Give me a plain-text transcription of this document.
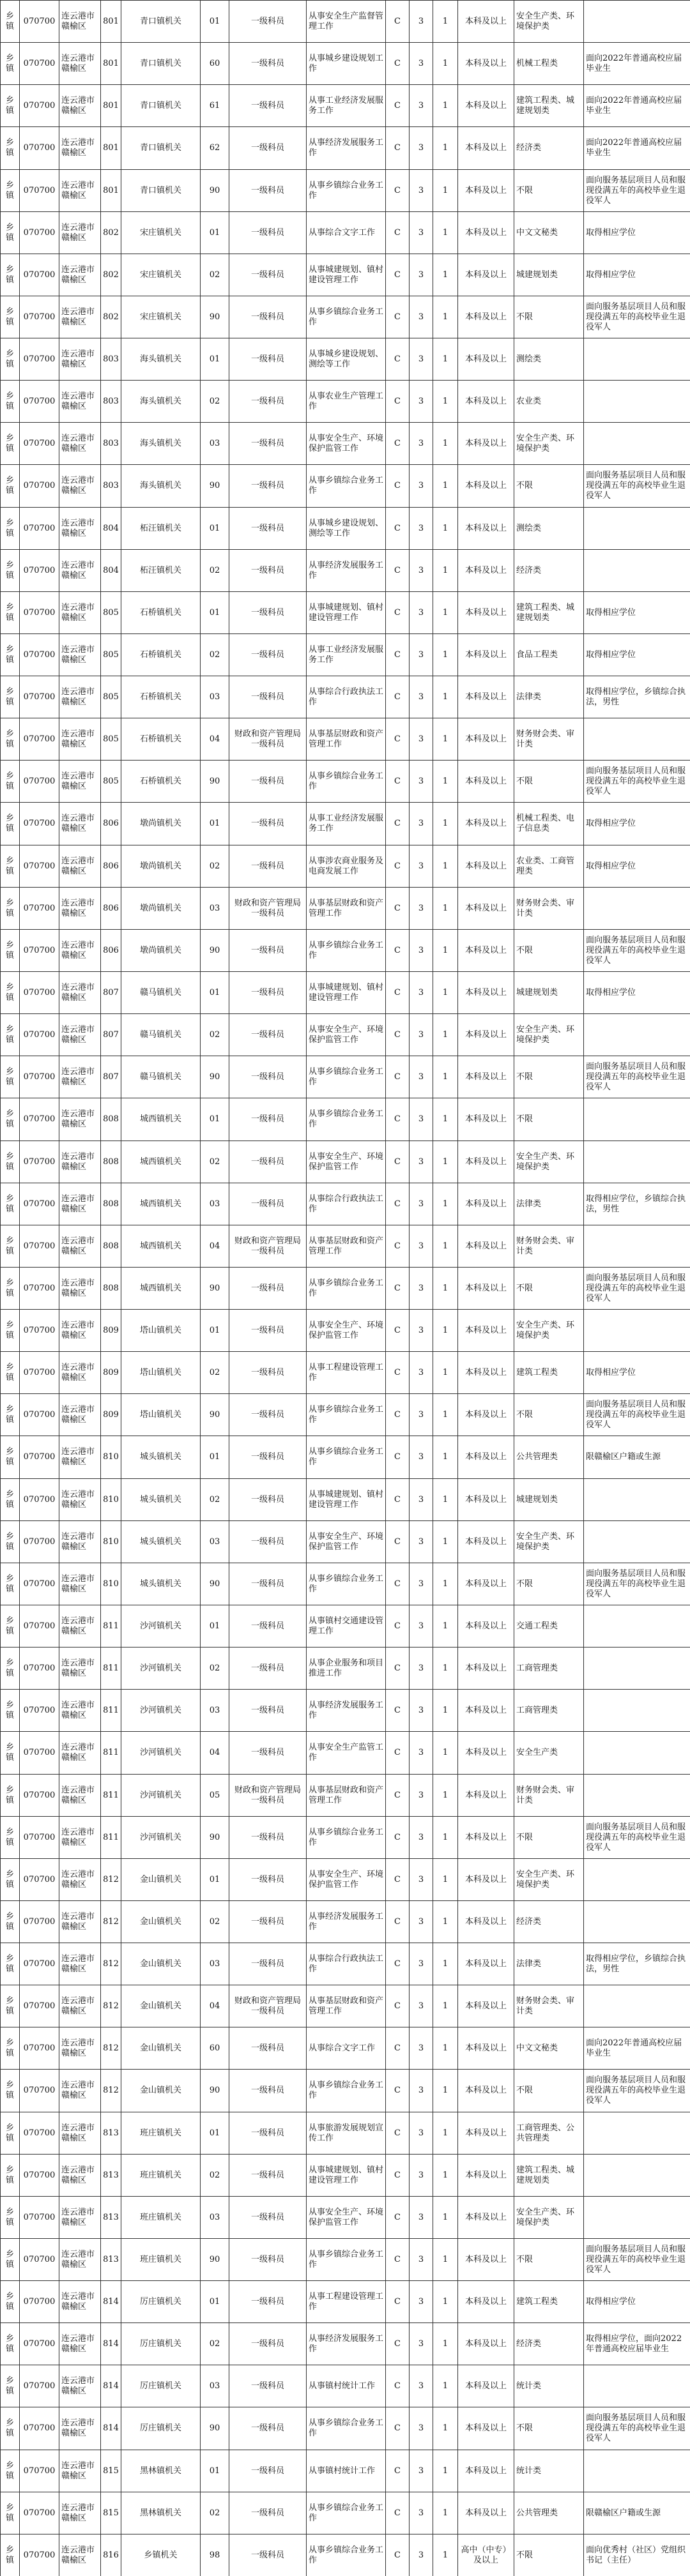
乡镇	070700	连云港市赣榆区	801	青口镇机关	01	一级科员	从事安全生产监督管理工作	C	3	1	本科及以上	安全生产类、环境保护类	
乡镇	070700	连云港市赣榆区	801	青口镇机关	60	一级科员	从事城乡建设规划工作	C	3	1	本科及以上	机械工程类	面向2022年普通高校应届毕业生
乡镇	070700	连云港市赣榆区	801	青口镇机关	61	一级科员	从事工业经济发展服务工作	C	3	1	本科及以上	建筑工程类、城建规划类	面向2022年普通高校应届毕业生
乡镇	070700	连云港市赣榆区	801	青口镇机关	62	一级科员	从事经济发展服务工作	C	3	1	本科及以上	经济类	面向2022年普通高校应届毕业生
乡镇	070700	连云港市赣榆区	801	青口镇机关	90	一级科员	从事乡镇综合业务工作	C	3	1	本科及以上	不限	面向服务基层项目人员和服现役满五年的高校毕业生退役军人
乡镇	070700	连云港市赣榆区	802	宋庄镇机关	01	一级科员	从事综合文字工作	C	3	1	本科及以上	中文文秘类	取得相应学位
乡镇	070700	连云港市赣榆区	802	宋庄镇机关	02	一级科员	从事城建规划、镇村建设管理工作	C	3	1	本科及以上	城建规划类	取得相应学位
乡镇	070700	连云港市赣榆区	802	宋庄镇机关	90	一级科员	从事乡镇综合业务工作	C	3	1	本科及以上	不限	面向服务基层项目人员和服现役满五年的高校毕业生退役军人
乡镇	070700	连云港市赣榆区	803	海头镇机关	01	一级科员	从事城乡建设规划、测绘等工作	C	3	1	本科及以上	测绘类	
乡镇	070700	连云港市赣榆区	803	海头镇机关	02	一级科员	从事农业生产管理工作	C	3	1	本科及以上	农业类	
乡镇	070700	连云港市赣榆区	803	海头镇机关	03	一级科员	从事安全生产、环境保护监管工作	C	3	1	本科及以上	安全生产类、环境保护类	
乡镇	070700	连云港市赣榆区	803	海头镇机关	90	一级科员	从事乡镇综合业务工作	C	3	1	本科及以上	不限	面向服务基层项目人员和服现役满五年的高校毕业生退役军人
乡镇	070700	连云港市赣榆区	804	柘汪镇机关	01	一级科员	从事城乡建设规划、测绘等工作	C	3	1	本科及以上	测绘类	
乡镇	070700	连云港市赣榆区	804	柘汪镇机关	02	一级科员	从事经济发展服务工作	C	3	1	本科及以上	经济类	
乡镇	070700	连云港市赣榆区	805	石桥镇机关	01	一级科员	从事城建规划、镇村建设管理工作	C	3	1	本科及以上	建筑工程类、城建规划类	取得相应学位
乡镇	070700	连云港市赣榆区	805	石桥镇机关	02	一级科员	从事工业经济发展服务工作	C	3	1	本科及以上	食品工程类	取得相应学位
乡镇	070700	连云港市赣榆区	805	石桥镇机关	03	一级科员	从事综合行政执法工作	C	3	1	本科及以上	法律类	取得相应学位，乡镇综合执法，男性
乡镇	070700	连云港市赣榆区	805	石桥镇机关	04	财政和资产管理局一级科员	从事基层财政和资产管理工作	C	3	1	本科及以上	财务财会类、审计类	
乡镇	070700	连云港市赣榆区	805	石桥镇机关	90	一级科员	从事乡镇综合业务工作	C	3	1	本科及以上	不限	面向服务基层项目人员和服现役满五年的高校毕业生退役军人
乡镇	070700	连云港市赣榆区	806	墩尚镇机关	01	一级科员	从事工业经济发展服务工作	C	3	1	本科及以上	机械工程类、电子信息类	取得相应学位
乡镇	070700	连云港市赣榆区	806	墩尚镇机关	02	一级科员	从事涉农商业服务及电商发展工作	C	3	1	本科及以上	农业类、工商管理类	取得相应学位
乡镇	070700	连云港市赣榆区	806	墩尚镇机关	03	财政和资产管理局一级科员	从事基层财政和资产管理工作	C	3	1	本科及以上	财务财会类、审计类	
乡镇	070700	连云港市赣榆区	806	墩尚镇机关	90	一级科员	从事乡镇综合业务工作	C	3	1	本科及以上	不限	面向服务基层项目人员和服现役满五年的高校毕业生退役军人
乡镇	070700	连云港市赣榆区	807	赣马镇机关	01	一级科员	从事城建规划、镇村建设管理工作	C	3	1	本科及以上	城建规划类	取得相应学位
乡镇	070700	连云港市赣榆区	807	赣马镇机关	02	一级科员	从事安全生产、环境保护监管工作	C	3	1	本科及以上	安全生产类、环境保护类	
乡镇	070700	连云港市赣榆区	807	赣马镇机关	90	一级科员	从事乡镇综合业务工作	C	3	1	本科及以上	不限	面向服务基层项目人员和服现役满五年的高校毕业生退役军人
乡镇	070700	连云港市赣榆区	808	城西镇机关	01	一级科员	从事乡镇综合业务工作	C	3	1	本科及以上	不限	
乡镇	070700	连云港市赣榆区	808	城西镇机关	02	一级科员	从事安全生产、环境保护监管工作	C	3	1	本科及以上	安全生产类、环境保护类	
乡镇	070700	连云港市赣榆区	808	城西镇机关	03	一级科员	从事综合行政执法工作	C	3	1	本科及以上	法律类	取得相应学位，乡镇综合执法，男性
乡镇	070700	连云港市赣榆区	808	城西镇机关	04	财政和资产管理局一级科员	从事基层财政和资产管理工作	C	3	1	本科及以上	财务财会类、审计类	
乡镇	070700	连云港市赣榆区	808	城西镇机关	90	一级科员	从事乡镇综合业务工作	C	3	1	本科及以上	不限	面向服务基层项目人员和服现役满五年的高校毕业生退役军人
乡镇	070700	连云港市赣榆区	809	塔山镇机关	01	一级科员	从事安全生产、环境保护监管工作	C	3	1	本科及以上	安全生产类、环境保护类	
乡镇	070700	连云港市赣榆区	809	塔山镇机关	02	一级科员	从事工程建设管理工作	C	3	1	本科及以上	建筑工程类	取得相应学位
乡镇	070700	连云港市赣榆区	809	塔山镇机关	90	一级科员	从事乡镇综合业务工作	C	3	1	本科及以上	不限	面向服务基层项目人员和服现役满五年的高校毕业生退役军人
乡镇	070700	连云港市赣榆区	810	城头镇机关	01	一级科员	从事乡镇综合业务工作	C	3	1	本科及以上	公共管理类	限赣榆区户籍或生源
乡镇	070700	连云港市赣榆区	810	城头镇机关	02	一级科员	从事城建规划、镇村建设管理工作	C	3	1	本科及以上	城建规划类	
乡镇	070700	连云港市赣榆区	810	城头镇机关	03	一级科员	从事安全生产、环境保护监管工作	C	3	1	本科及以上	安全生产类、环境保护类	
乡镇	070700	连云港市赣榆区	810	城头镇机关	90	一级科员	从事乡镇综合业务工作	C	3	1	本科及以上	不限	面向服务基层项目人员和服现役满五年的高校毕业生退役军人
乡镇	070700	连云港市赣榆区	811	沙河镇机关	01	一级科员	从事镇村交通建设管理工作	C	3	1	本科及以上	交通工程类	
乡镇	070700	连云港市赣榆区	811	沙河镇机关	02	一级科员	从事企业服务和项目推进工作	C	3	1	本科及以上	工商管理类	
乡镇	070700	连云港市赣榆区	811	沙河镇机关	03	一级科员	从事经济发展服务工作	C	3	1	本科及以上	工商管理类	
乡镇	070700	连云港市赣榆区	811	沙河镇机关	04	一级科员	从事安全生产监管工作	C	3	1	本科及以上	安全生产类	
乡镇	070700	连云港市赣榆区	811	沙河镇机关	05	财政和资产管理局一级科员	从事基层财政和资产管理工作	C	3	1	本科及以上	财务财会类、审计类	
乡镇	070700	连云港市赣榆区	811	沙河镇机关	90	一级科员	从事乡镇综合业务工作	C	3	1	本科及以上	不限	面向服务基层项目人员和服现役满五年的高校毕业生退役军人
乡镇	070700	连云港市赣榆区	812	金山镇机关	01	一级科员	从事安全生产、环境保护监管工作	C	3	1	本科及以上	安全生产类、环境保护类	
乡镇	070700	连云港市赣榆区	812	金山镇机关	02	一级科员	从事经济发展服务工作	C	3	1	本科及以上	经济类	
乡镇	070700	连云港市赣榆区	812	金山镇机关	03	一级科员	从事综合行政执法工作	C	3	1	本科及以上	法律类	取得相应学位，乡镇综合执法，男性
乡镇	070700	连云港市赣榆区	812	金山镇机关	04	财政和资产管理局一级科员	从事基层财政和资产管理工作	C	3	1	本科及以上	财务财会类、审计类	
乡镇	070700	连云港市赣榆区	812	金山镇机关	60	一级科员	从事综合文字工作	C	3	1	本科及以上	中文文秘类	面向2022年普通高校应届毕业生
乡镇	070700	连云港市赣榆区	812	金山镇机关	90	一级科员	从事乡镇综合业务工作	C	3	1	本科及以上	不限	面向服务基层项目人员和服现役满五年的高校毕业生退役军人
乡镇	070700	连云港市赣榆区	813	班庄镇机关	01	一级科员	从事旅游发展规划宣传工作	C	3	1	本科及以上	工商管理类、公共管理类	
乡镇	070700	连云港市赣榆区	813	班庄镇机关	02	一级科员	从事城建规划、镇村建设管理工作	C	3	1	本科及以上	建筑工程类、城建规划类	
乡镇	070700	连云港市赣榆区	813	班庄镇机关	03	一级科员	从事安全生产、环境保护监管工作	C	3	1	本科及以上	安全生产类、环境保护类	
乡镇	070700	连云港市赣榆区	813	班庄镇机关	90	一级科员	从事乡镇综合业务工作	C	3	1	本科及以上	不限	面向服务基层项目人员和服现役满五年的高校毕业生退役军人
乡镇	070700	连云港市赣榆区	814	厉庄镇机关	01	一级科员	从事工程建设管理工作	C	3	1	本科及以上	建筑工程类	取得相应学位
乡镇	070700	连云港市赣榆区	814	厉庄镇机关	02	一级科员	从事经济发展服务工作	C	3	1	本科及以上	经济类	取得相应学位，面向2022年普通高校应届毕业生
乡镇	070700	连云港市赣榆区	814	厉庄镇机关	03	一级科员	从事镇村统计工作	C	3	1	本科及以上	统计类	
乡镇	070700	连云港市赣榆区	814	厉庄镇机关	90	一级科员	从事乡镇综合业务工作	C	3	1	本科及以上	不限	面向服务基层项目人员和服现役满五年的高校毕业生退役军人
乡镇	070700	连云港市赣榆区	815	黑林镇机关	01	一级科员	从事镇村统计工作	C	3	1	本科及以上	统计类	
乡镇	070700	连云港市赣榆区	815	黑林镇机关	02	一级科员	从事乡镇综合业务工作	C	3	1	本科及以上	公共管理类	限赣榆区户籍或生源
乡镇	070700	连云港市赣榆区	816	乡镇机关	98	一级科员	从事乡镇综合业务工作	C	3	1	高中（中专）及以上	不限	面向优秀村（社区）党组织书记（主任）
